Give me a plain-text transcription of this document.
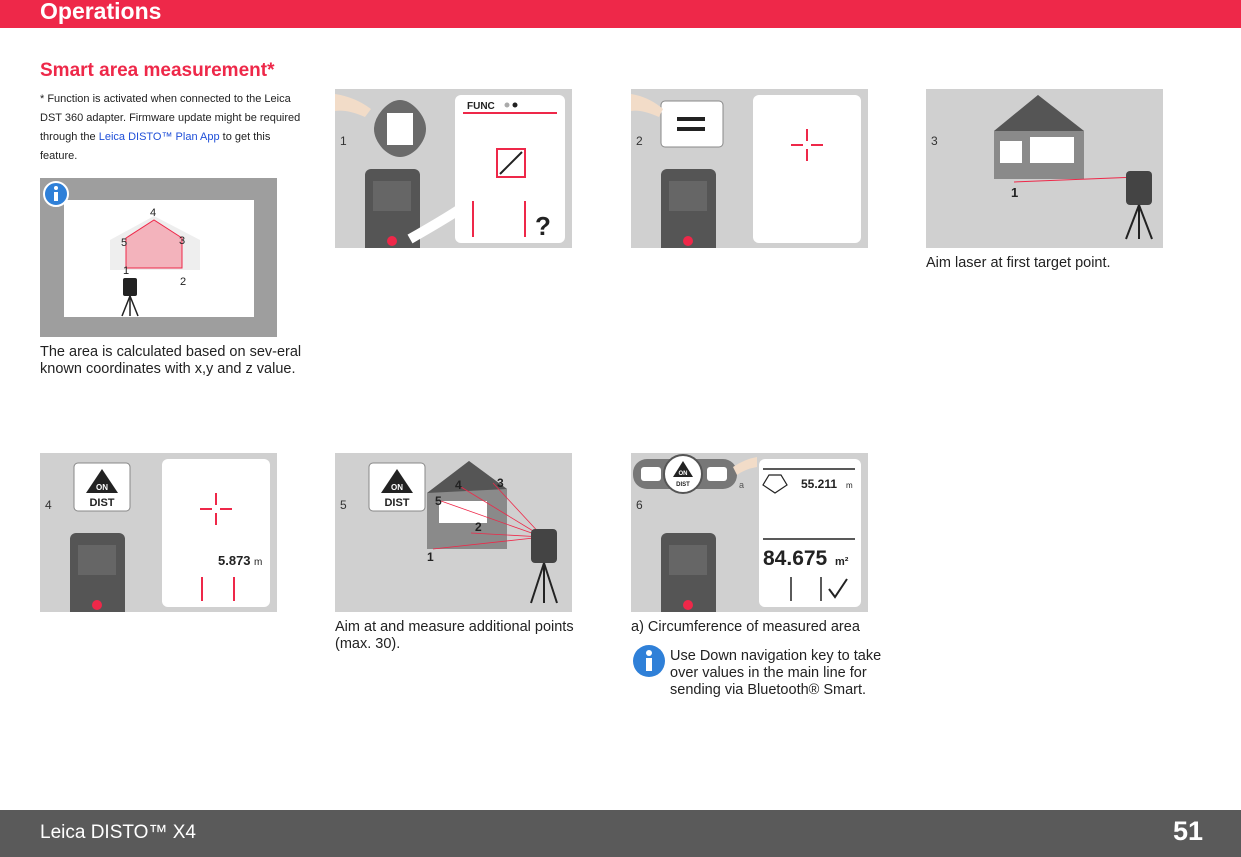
Operations
Smart area measurement*
* Function is activated when connected to the Leica DST 360 adapter. Firmware update might be required through the Leica DISTO™ Plan App to get this feature.
4
3
5
1
2
The area is calculated based on sev-eral known coordinates with x,y and z value.
FUNC
?
1	2
1
3
Aim laser at first target point.
ON
DIST
5.873 m
4
ON
DIST
1
2
3
4
5
5
Aim at and measure additional points (max. 30).
ON
DIST	a	55.211 m
84.675 m²
6
a) Circumference of measured area
Use Down navigation key to take over values in the main line for sending via Bluetooth® Smart.
Leica DISTO™ X4	51
